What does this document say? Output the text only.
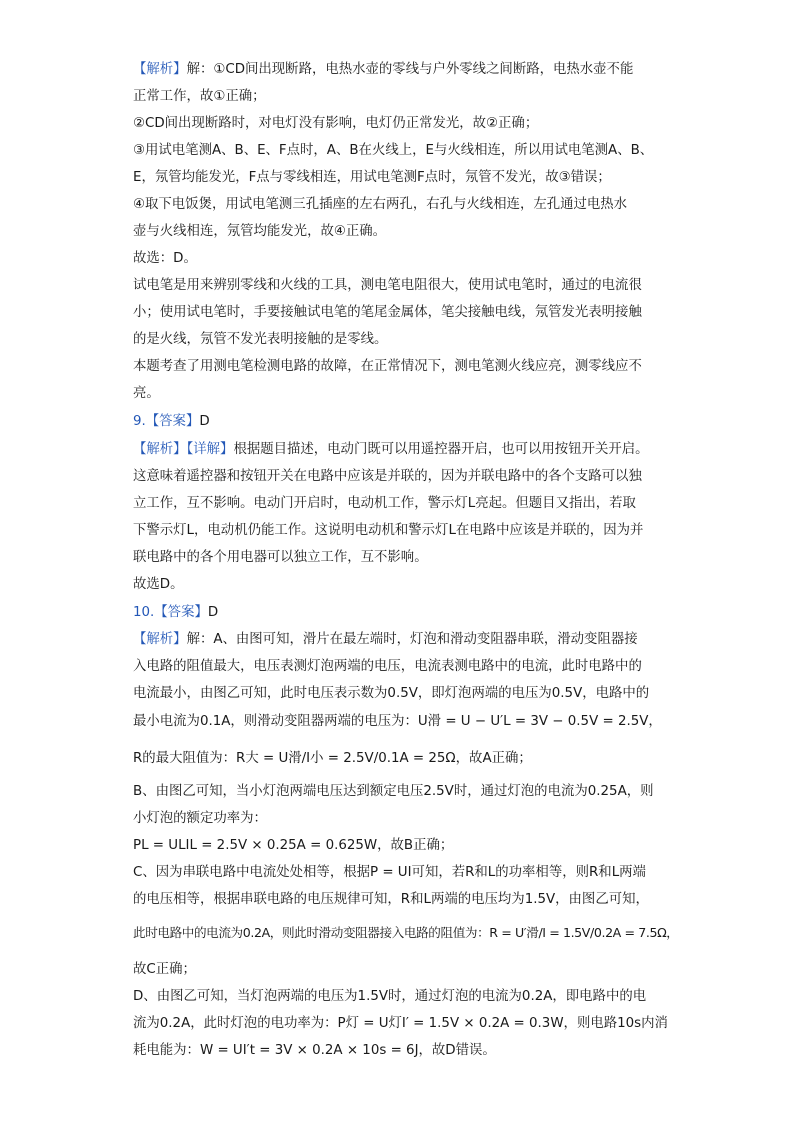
【解析】解：①CD间出现断路，电热水壶的零线与户外零线之间断路，电热水壶不能
正常工作，故①正确；
②CD间出现断路时，对电灯没有影响，电灯仍正常发光，故②正确；
③用试电笔测A、B、E、F点时，A、B在火线上，E与火线相连，所以用试电笔测A、B、
E，氖管均能发光，F点与零线相连，用试电笔测F点时，氖管不发光，故③错误；
④取下电饭煲，用试电笔测三孔插座的左右两孔，右孔与火线相连，左孔通过电热水
壶与火线相连，氖管均能发光，故④正确。
故选：D。
试电笔是用来辨别零线和火线的工具，测电笔电阻很大，使用试电笔时，通过的电流很
小；使用试电笔时，手要接触试电笔的笔尾金属体，笔尖接触电线，氖管发光表明接触
的是火线，氖管不发光表明接触的是零线。
本题考查了用测电笔检测电路的故障，在正常情况下，测电笔测火线应亮，测零线应不
亮。
9.【答案】D
【解析】【详解】根据题目描述，电动门既可以用遥控器开启，也可以用按钮开关开启。
这意味着遥控器和按钮开关在电路中应该是并联的，因为并联电路中的各个支路可以独
立工作，互不影响。电动门开启时，电动机工作，警示灯L亮起。但题目又指出，若取
下警示灯L，电动机仍能工作。这说明电动机和警示灯L在电路中应该是并联的，因为并
联电路中的各个用电器可以独立工作，互不影响。
故选D。
10.【答案】D
【解析】解：A、由图可知，滑片在最左端时，灯泡和滑动变阻器串联，滑动变阻器接
入电路的阻值最大，电压表测灯泡两端的电压，电流表测电路中的电流，此时电路中的
电流最小，由图乙可知，此时电压表示数为0.5V，即灯泡两端的电压为0.5V，电路中的
最小电流为0.1A，则滑动变阻器两端的电压为：U滑 = U − U′L = 3V − 0.5V = 2.5V，
R的最大阻值为：R大 = U滑/I小 = 2.5V/0.1A = 25Ω，故A正确；
B、由图乙可知，当小灯泡两端电压达到额定电压2.5V时，通过灯泡的电流为0.25A，则
小灯泡的额定功率为：
PL = ULIL = 2.5V × 0.25A = 0.625W，故B正确；
C、因为串联电路中电流处处相等，根据P = UI可知，若R和L的功率相等，则R和L两端
的电压相等，根据串联电路的电压规律可知，R和L两端的电压均为1.5V，由图乙可知，
此时电路中的电流为0.2A，则此时滑动变阻器接入电路的阻值为：R = U′滑/I = 1.5V/0.2A = 7.5Ω，
故C正确；
D、由图乙可知，当灯泡两端的电压为1.5V时，通过灯泡的电流为0.2A，即电路中的电
流为0.2A，此时灯泡的电功率为：P灯 = U灯I′ = 1.5V × 0.2A = 0.3W，则电路10s内消
耗电能为：W = UI′t = 3V × 0.2A × 10s = 6J，故D错误。
